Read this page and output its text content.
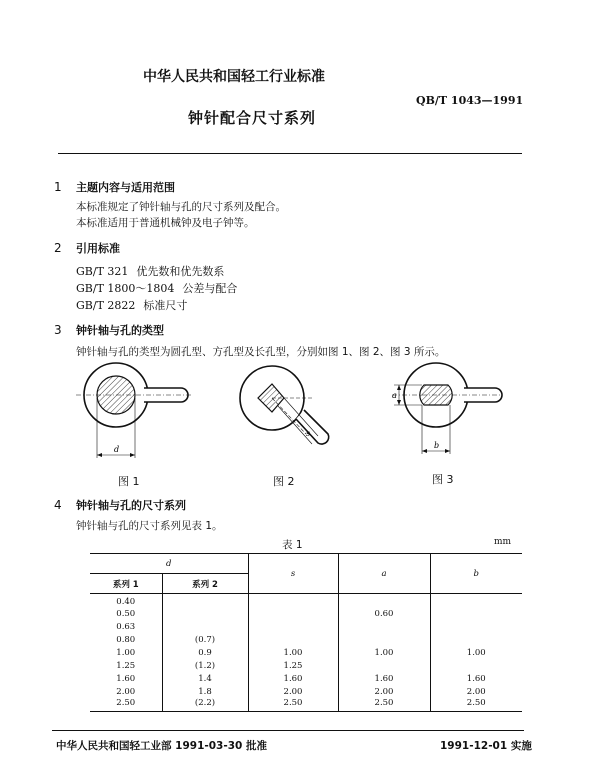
中华人民共和国轻工行业标准
QB/T 1043—1991
钟针配合尺寸系列
1 主题内容与适用范围
本标准规定了钟针轴与孔的尺寸系列及配合。
本标准适用于普通机械钟及电子钟等。
2 引用标准
GB/T 321 优先数和优先数系
GB/T 1800～1804 公差与配合
GB/T 2822 标准尺寸
3 钟针轴与孔的类型
钟针轴与孔的类型为圆孔型、方孔型及长孔型，分别如图 1、图 2、图 3 所示。
d
图 1
s
图 2
a
b
图 3
4 钟针轴与孔的尺寸系列
钟针轴与孔的尺寸系列见表 1。
表 1	mm
d		s	a	b
系列 1	系列 2			
0.40				
0.50			0.60	
0.63				
0.80	(0.7)			
1.00	0.9	1.00	1.00	1.00
1.25	(1.2)	1.25		
1.60	1.4	1.60	1.60	1.60
2.00	1.8	2.00	2.00	2.00
2.50	(2.2)	2.50	2.50	2.50
中华人民共和国轻工业部 1991-03-30 批准	1991-12-01 实施
